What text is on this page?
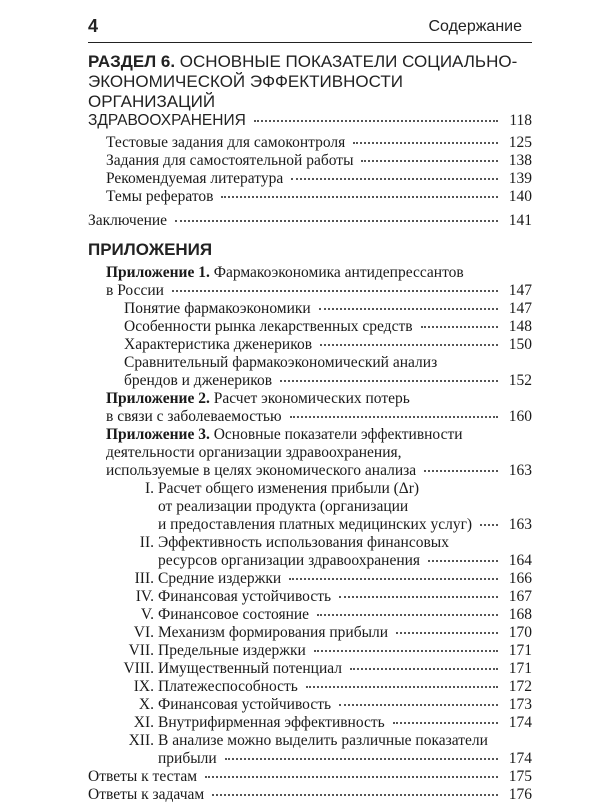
4	Содержание
РАЗДЕЛ 6. ОСНОВНЫЕ ПОКАЗАТЕЛИ СОЦИАЛЬНО-
ЭКОНОМИЧЕСКОЙ ЭФФЕКТИВНОСТИ ОРГАНИЗАЦИЙ
ЗДРАВООХРАНЕНИЯ	118
Тестовые задания для самоконтроля	125
Задания для самостоятельной работы	138
Рекомендуемая литература	139
Темы рефератов	140
Заключение	141
ПРИЛОЖЕНИЯ
Приложение 1. Фармакоэкономика антидепрессантов
в России	147
Понятие фармакоэкономики	147
Особенности рынка лекарственных средств	148
Характеристика дженериков	150
Сравнительный фармакоэкономический анализ
брендов и дженериков	152
Приложение 2. Расчет экономических потерь
в связи с заболеваемостью	160
Приложение 3. Основные показатели эффективности
деятельности организации здравоохранения,
используемые в целях экономического анализа	163
I. Расчет общего изменения прибыли (Δr)
от реализации продукта (организации
и предоставления платных медицинских услуг)	163
II. Эффективность использования финансовых
ресурсов организации здравоохранения	164
III. Средние издержки	166
IV. Финансовая устойчивость	167
V. Финансовое состояние	168
VI. Механизм формирования прибыли	170
VII. Предельные издержки	171
VIII. Имущественный потенциал	171
IX. Платежеспособность	172
X. Финансовая устойчивость	173
XI. Внутрифирменная эффективность	174
XII. В анализе можно выделить различные показатели
прибыли	174
Ответы к тестам	175
Ответы к задачам	176
